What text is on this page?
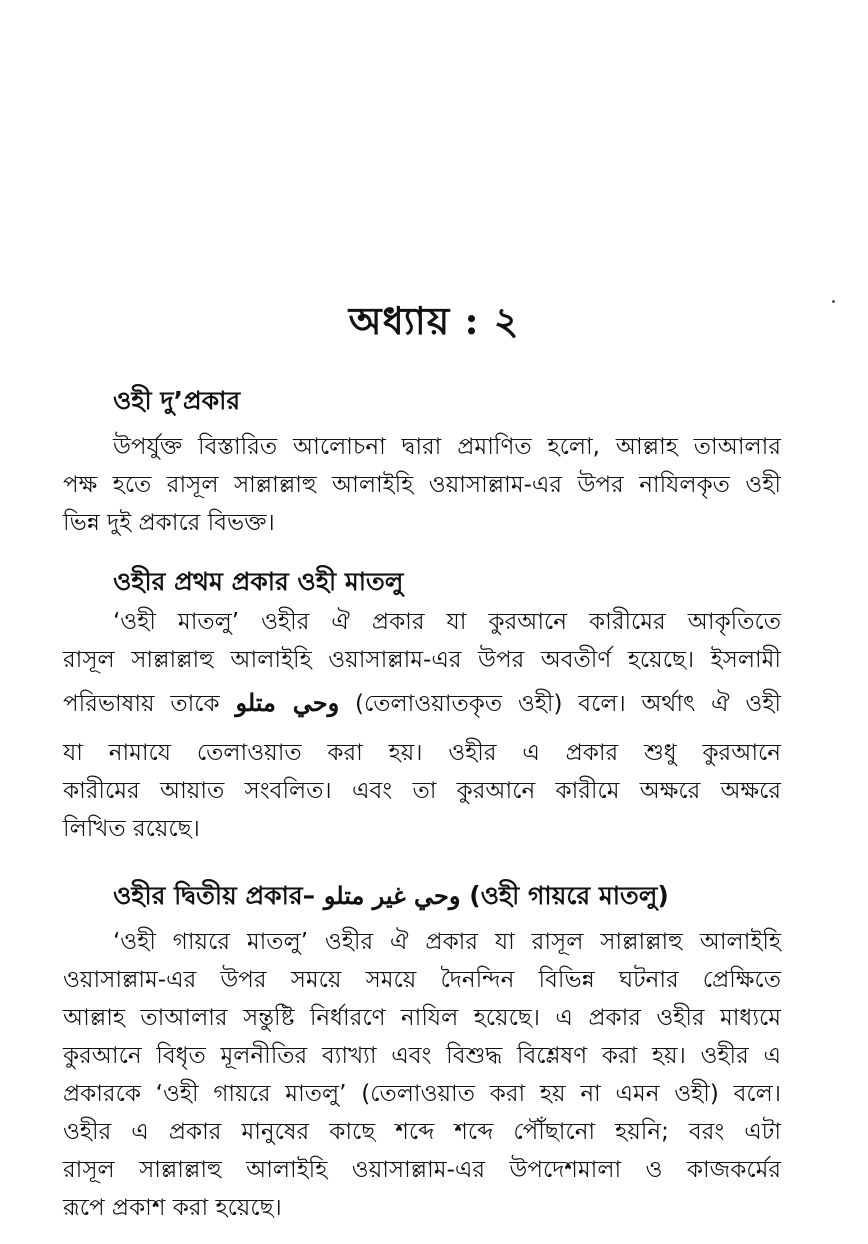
অধ্যায় : ২
ওহী দু’প্রকার
উপর্যুক্ত বিস্তারিত আলোচনা দ্বারা প্রমাণিত হলো, আল্লাহ তাআলার
পক্ষ হতে রাসূল সাল্লাল্লাহু আলাইহি ওয়াসাল্লাম-এর উপর নাযিলকৃত ওহী
ভিন্ন দুই প্রকারে বিভক্ত।
ওহীর প্রথম প্রকার ওহী মাতলু
‘ওহী মাতলু’ ওহীর ঐ প্রকার যা কুরআনে কারীমের আকৃতিতে
রাসূল সাল্লাল্লাহু আলাইহি ওয়াসাল্লাম-এর উপর অবতীর্ণ হয়েছে। ইসলামী
পরিভাষায় তাকে وحي متلو (তেলাওয়াতকৃত ওহী) বলে। অর্থাৎ ঐ ওহী
যা নামাযে তেলাওয়াত করা হয়। ওহীর এ প্রকার শুধু কুরআনে
কারীমের আয়াত সংবলিত। এবং তা কুরআনে কারীমে অক্ষরে অক্ষরে
লিখিত রয়েছে।
ওহীর দ্বিতীয় প্রকার– وحي غير متلو (ওহী গায়রে মাতলু)
‘ওহী গায়রে মাতলু’ ওহীর ঐ প্রকার যা রাসূল সাল্লাল্লাহু আলাইহি
ওয়াসাল্লাম-এর উপর সময়ে সময়ে দৈনন্দিন বিভিন্ন ঘটনার প্রেক্ষিতে
আল্লাহ তাআলার সন্তুষ্টি নির্ধারণে নাযিল হয়েছে। এ প্রকার ওহীর মাধ্যমে
কুরআনে বিধৃত মূলনীতির ব্যাখ্যা এবং বিশুদ্ধ বিশ্লেষণ করা হয়। ওহীর এ
প্রকারকে ‘ওহী গায়রে মাতলু’ (তেলাওয়াত করা হয় না এমন ওহী) বলে।
ওহীর এ প্রকার মানুষের কাছে শব্দে শব্দে পৌঁছানো হয়নি; বরং এটা
রাসূল সাল্লাল্লাহু আলাইহি ওয়াসাল্লাম-এর উপদেশমালা ও কাজকর্মের
রূপে প্রকাশ করা হয়েছে।
